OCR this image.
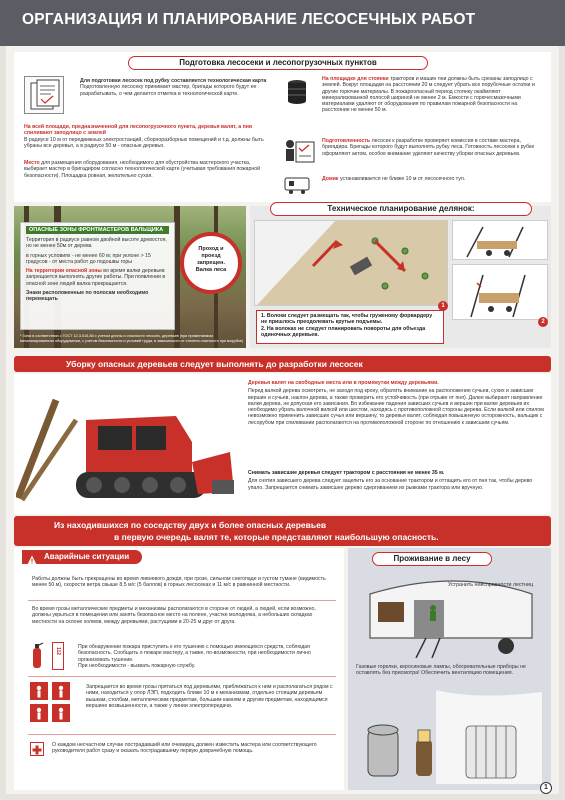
ОРГАНИЗАЦИЯ И ПЛАНИРОВАНИЕ ЛЕСОСЕЧНЫХ РАБОТ
Подготовка лесосеки и лесопогрузочных пунктов
Для подготовки лесосек под рубку составляется технологическая карта
Подготовленную лесосеку принимает мастер, бригады которого будут ее разрабатывать, о чем делается отметка в технологической карте.
На всей площади, предназначенной для лесопогрузочного пункта, деревья валят, а пни спиливают заподлицо с землей
В радиусе 10 м от передвижных электростанций, сборноразборных помещений и т.д. должны быть убраны все деревья, а в радиусе 50 м - опасные деревья.
Место для размещения оборудования, необходимого для обустройства мастерского участка, выбирает мастер в бригадиром согласно технологической карте (учитывая требования пожарной безопасности). Площадка ровная, желательно сухая.
На площадке для стоянки тракторов и машин пни должны быть срезаны заподлицо с землей. Вокруг площадки на расстоянии 20 м следует убрать все порубочные остатки и другие горючие материалы. В пожароопасный период стоянку окаймляют минерализованной полосой шириной не менее 2 м. Емкости с горючесмазочными материалами удаляют от оборудования по правилам пожарной безопасности на расстояние не менее 50 м.
Подготовленность лесосек к разработке проверяет комиссия в составе мастера, бригадира. Бригады которого будут выполнять рубку леса. Готовность лесосеки к рубке оформляют актом, особое внимание уделяют качеству уборки опасных деревьев.
Домик устанавливается не ближе 10 м от лесосечного тул.
ОПАСНЫЕ ЗОНЫ ФРОНТМАСТЕРОВ ВАЛЬЩИКА
Территория в радиусе равном двойной высоте древостоя, но не менее 50м от дерева
в горных условиях - не менее 60 м; при уклоне > 15 градусов - от места работ до подошвы горы
На территории опасной зоны во время валки деревьев запрещается выполнять другие работы. При появлении в опасной зоне людей валка прекращается.
Знаки расположенные по полосам необходимо перемещать
Проход и проезд запрещен. Валка леса
* Зона в соответствии с ГОСТ 12.3.015-85 с учетом длины и опасности лесосек, деревьев (при применяемом механизированном оборудовании, с учетом безопасности и условий труда, в зависимости от степени опасности при вырубке)
Техническое планирование делянок:
1
2
1. Волоки следует размещать так, чтобы груженому форвардеру не пришлось преодолевать крутые подъемы.
2. На волоках не следует планировать повороты для объезда одиночных деревьев.
Уборку опасных деревьев следует выполнять до разработки лесосек
Деревья валят на свободные места или в промежутки между деревьями.
Перед валкой дерева осмотреть, не заходя под крону, обратить внимание на расположение сучьев, сухих и зависших вершин и сучьев, наклон дерева, а также проверить его устойчивость (при отрыве от пня). Далее выбирают направление валки дерева, не допуская его зависания. Во избежание падения зависших сучьев и вершин при валке деревьев их необходимо убрать валочной вилкой или шестом, находясь с противоположной стороны дерева. Если валкой или спилом невозможно применить зависших сучья или вершину, то деревья валят, соблюдая повышенную осторожность, вальщик с лесорубом при спиливании располагаются на противоположной стороне по отношению к зависшим сучьям.
Снимать зависшие деревья следует трактором с расстояния не менее 35 м.
Для снятия зависшего дерева следует зацепить его за основание трактором и оттащить его от пня так, чтобы дерево упало. Запрещается снимать зависшее дерево сдергиванием их рывками трактора или вручную.
Из находившихся по соседству двух и более опасных деревьев
в первую очередь валят те, которые представляют наибольшую опасность.
Аварийные ситуации
Работы должны быть прекращены во время ливневого дождя, при грозе, сильном снегопаде и густом тумане (видимость менее 50 м), скорости ветра свыше 8,5 м/с (5 баллов) в горных лесосеках и 11 м/с в равнинной местности.
Во время грозы металлические предметы и механизмы располагаются в стороне от людей, а людей, если возможно, должны укрыться в помещении или занять безопасное место на полене, участке молодняка, а небольших складках местности на склоне холмов, между деревьями, растущими в 20-25 м друг от друга.
112	При обнаружении пожара приступить к его тушению с помощью имеющихся средств, соблюдая безопасность. Сообщить о пожаре мастеру, а также, по-возможности, при необходимости лично организовать тушение.
При необходимости - вызвать пожарную службу.
Запрещается во время грозы прятаться под деревьями, приближаться к ним и располагаться рядом с ними, находиться у опор ЛЭП, подходить ближе 10 м к механизмам, отдельно стоящим деревьям вышкам, столбам, металлическим предметам, большим камням и другим предметам, находящимся вершине возвышенности, а также у линии электропередачи.
О каждом несчастном случае пострадавший или очевидец должен известить мастера или соответствующего руководителя работ сразу и оказать пострадавшему первую доврачебную помощь.
Проживание в лесу
Устранить неисправности лестниц
Газовые горелки, керосиновые лампы, обогревательные приборы не оставлять без присмотра! Обеспечить вентиляцию помещения.
1
